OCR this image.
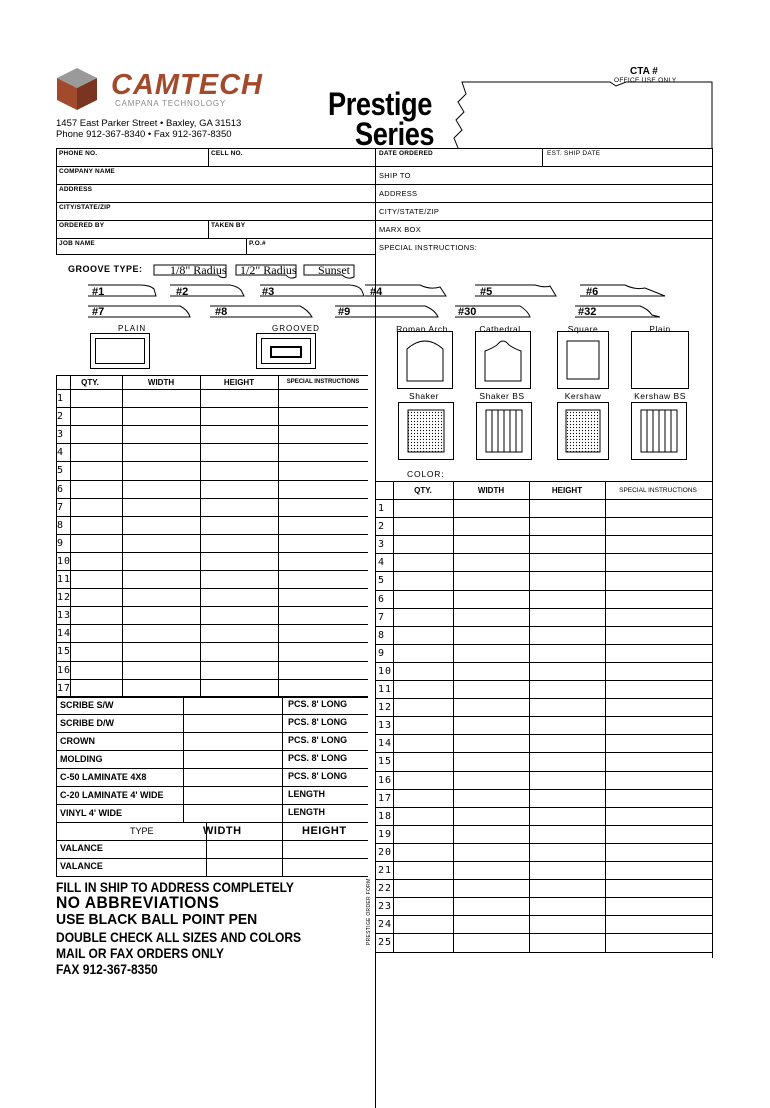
CAMTECH
CAMPANA TECHNOLOGY
1457 East Parker Street • Baxley, GA 31513
Phone 912-367-8340 • Fax 912-367-8350
Prestige
Series
CTA #
OFFICE USE ONLY
PHONE NO.	CELL NO.
COMPANY NAME
ADDRESS
CITY/STATE/ZIP
ORDERED BY	TAKEN BY
JOB NAME	P.O.#
DATE ORDERED	EST. SHIP DATE
SHIP TO
ADDRESS
CITY/STATE/ZIP
MARX BOX
SPECIAL INSTRUCTIONS:
GROOVE TYPE: 1/8" Radius 1/2" Radius Sunset
#1	#2	#3	#4	#5	#6
#7	#8	#9	#30	#32
PLAIN	GROOVED	Roman Arch	Cathedral	Square	Plain
Shaker	Shaker BS	Kershaw	Kershaw BS
QTY.	WIDTH	HEIGHT	SPECIAL INSTRUCTIONS
1
2
3
4
5
6
7
8
9
10
11
12
13
14
15
16
17
COLOR:
QTY.	WIDTH	HEIGHT	SPECIAL INSTRUCTIONS
1
2
3
4
5
6
7
8
9
10
11
12
13
14
15
16
17
18
19
20
21
22
23
24
25
SCRIBE S/W	PCS. 8' LONG
SCRIBE D/W	PCS. 8' LONG
CROWN	PCS. 8' LONG
MOLDING	PCS. 8' LONG
C-50 LAMINATE 4X8	PCS. 8' LONG
C-20 LAMINATE 4' WIDE	LENGTH
VINYL 4' WIDE	LENGTH
TYPE	WIDTH	HEIGHT
VALANCE
VALANCE
FILL IN SHIP TO ADDRESS COMPLETELY
NO ABBREVIATIONS
USE BLACK BALL POINT PEN
DOUBLE CHECK ALL SIZES AND COLORS
MAIL OR FAX ORDERS ONLY
FAX 912-367-8350
PRESTIGE ORDER FORM
